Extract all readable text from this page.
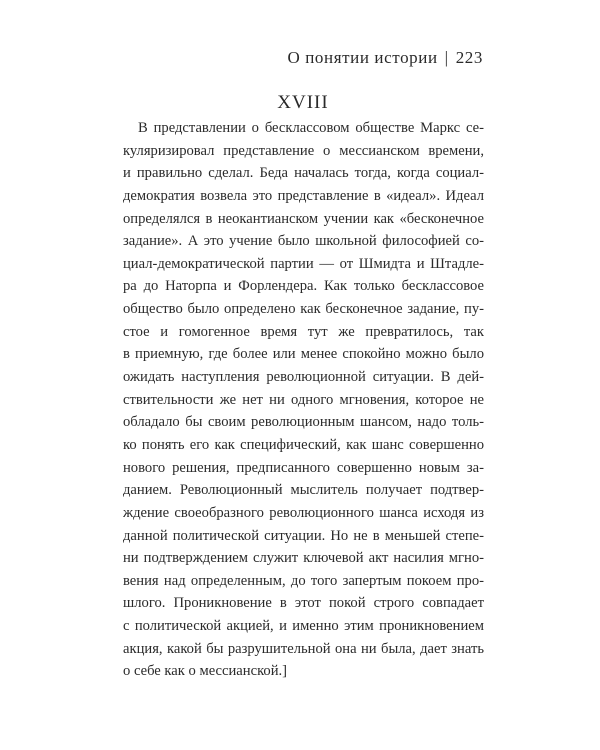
О понятии истории | 223
XVIII
В представлении о бесклассовом обществе Маркс се-
куляризировал представление о мессианском времени,
и правильно сделал. Беда началась тогда, когда социал-
демократия возвела это представление в «идеал». Идеал
определялся в неокантианском учении как «бесконечное
задание». А это учение было школьной философией со-
циал-демократической партии — от Шмидта и Штадле-
ра до Наторпа и Форлендера. Как только бесклассовое
общество было определено как бесконечное задание, пу-
стое и гомогенное время тут же превратилось, так
в приемную, где более или менее спокойно можно было
ожидать наступления революционной ситуации. В дей-
ствительности же нет ни одного мгновения, которое не
обладало бы своим революционным шансом, надо толь-
ко понять его как специфический, как шанс совершенно
нового решения, предписанного совершенно новым за-
данием. Революционный мыслитель получает подтвер-
ждение своеобразного революционного шанса исходя из
данной политической ситуации. Но не в меньшей степе-
ни подтверждением служит ключевой акт насилия мгно-
вения над определенным, до того запертым покоем про-
шлого. Проникновение в этот покой строго совпадает
с политической акцией, и именно этим проникновением
акция, какой бы разрушительной она ни была, дает знать
о себе как о мессианской.]
